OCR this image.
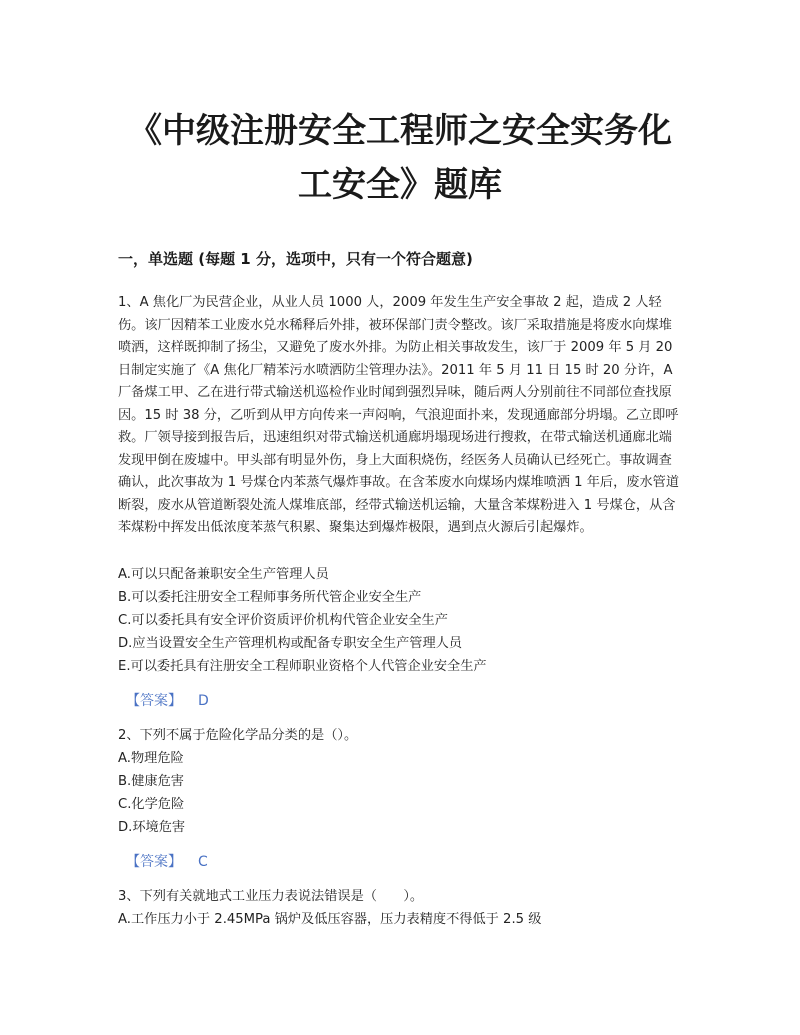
《中级注册安全工程师之安全实务化
工安全》题库
一，单选题 (每题 1 分，选项中，只有一个符合题意)

1、A 焦化厂为民营企业，从业人员 1000 人，2009 年发生生产安全事故 2 起，造成 2 人轻伤。该厂因精苯工业废水兑水稀释后外排，被环保部门责令整改。该厂采取措施是将废水向煤堆喷洒，这样既抑制了扬尘，又避免了废水外排。为防止相关事故发生，该厂于 2009 年 5 月 20 日制定实施了《A 焦化厂精苯污水喷洒防尘管理办法》。2011 年 5 月 11 日 15 时 20 分许，A 厂备煤工甲、乙在进行带式输送机巡检作业时闻到强烈异味，随后两人分别前往不同部位查找原因。15 时 38 分，乙听到从甲方向传来一声闷响，气浪迎面扑来，发现通廊部分坍塌。乙立即呼救。厂领导接到报告后，迅速组织对带式输送机通廊坍塌现场进行搜救，在带式输送机通廊北端发现甲倒在废墟中。甲头部有明显外伤，身上大面积烧伤，经医务人员确认已经死亡。事故调查确认，此次事故为 1 号煤仓内苯蒸气爆炸事故。在含苯废水向煤场内煤堆喷洒 1 年后，废水管道断裂，废水从管道断裂处流人煤堆底部，经带式输送机运输，大量含苯煤粉进入 1 号煤仓，从含苯煤粉中挥发出低浓度苯蒸气积累、聚集达到爆炸极限，遇到点火源后引起爆炸。

A.可以只配备兼职安全生产管理人员
B.可以委托注册安全工程师事务所代管企业安全生产
C.可以委托具有安全评价资质评价机构代管企业安全生产
D.应当设置安全生产管理机构或配备专职安全生产管理人员
E.可以委托具有注册安全工程师职业资格个人代管企业安全生产
【答案】 D

2、下列不属于危险化学品分类的是（）。

A.物理危险
B.健康危害
C.化学危险
D.环境危害
【答案】 C

3、下列有关就地式工业压力表说法错误是（　　）。

A.工作压力小于 2.45MPa 锅炉及低压容器，压力表精度不得低于 2.5 级
